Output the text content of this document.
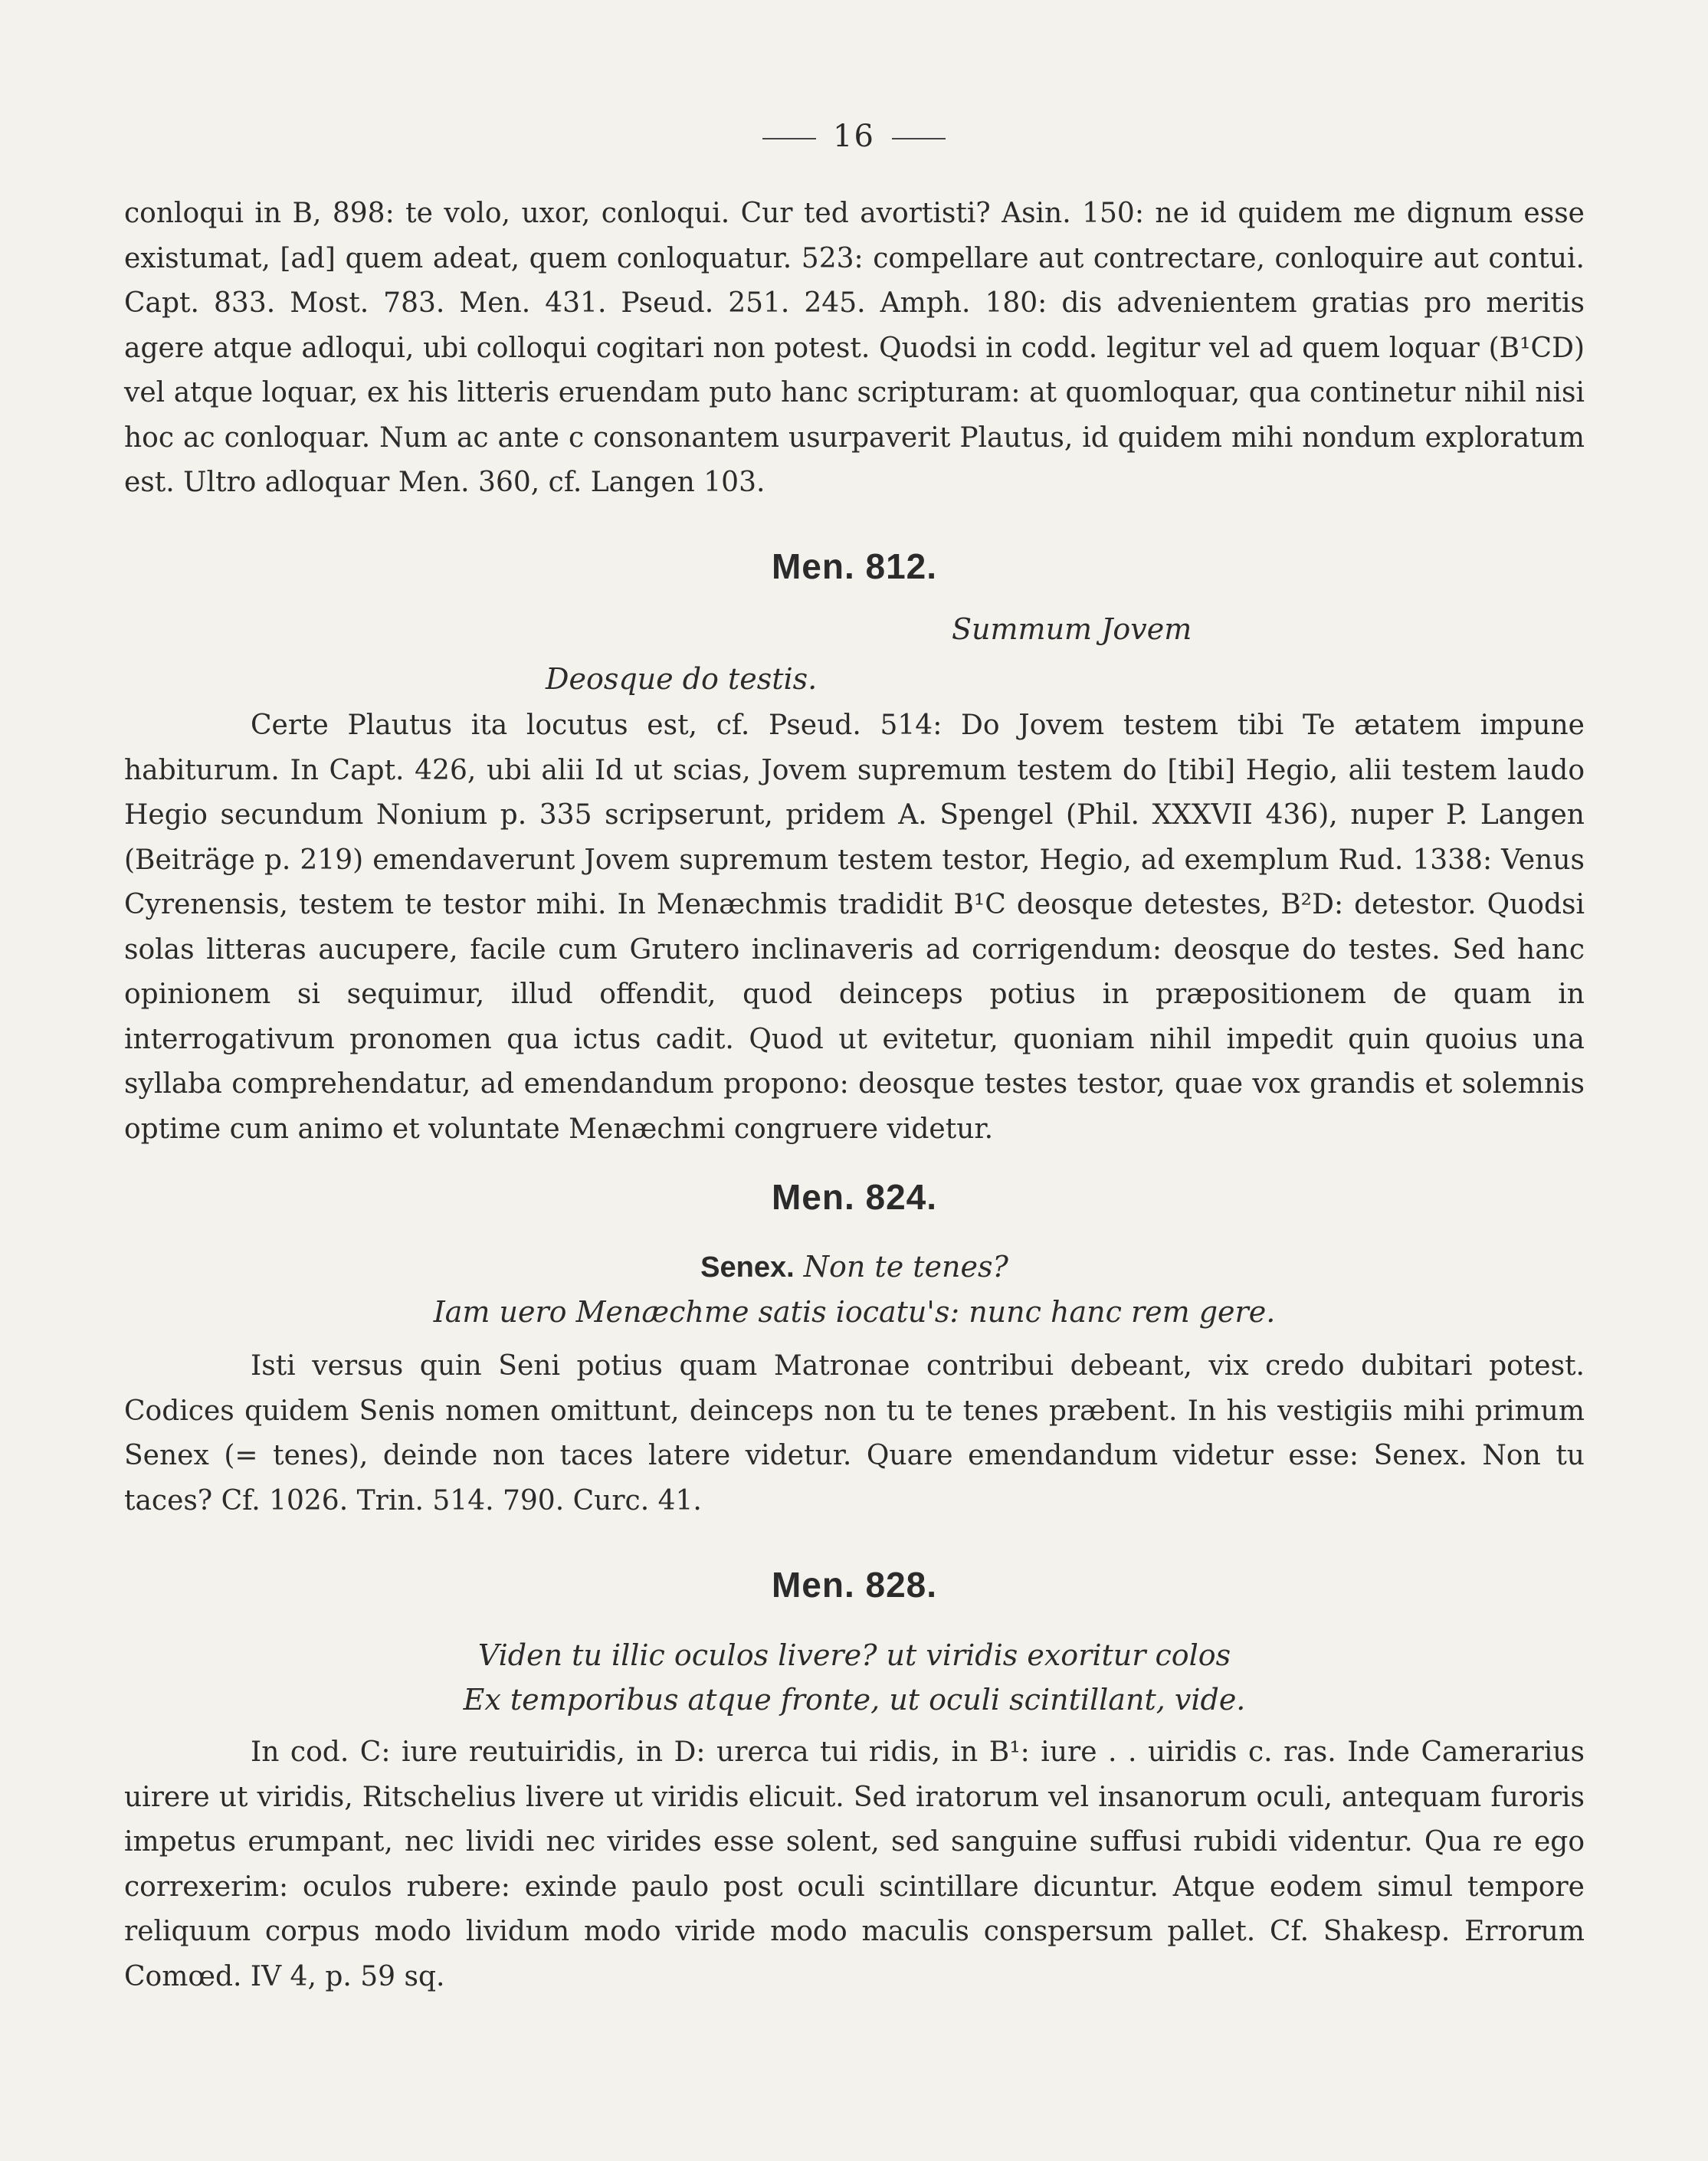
16

conloqui in B, 898: te volo, uxor, conloqui. Cur ted avortisti? Asin. 150: ne id quidem me dignum esse existumat, [ad] quem adeat, quem conloquatur. 523: compellare aut contrectare, conloquire aut contui. Capt. 833. Most. 783. Men. 431. Pseud. 251. 245. Amph. 180: dis advenientem gratias pro meritis agere atque adloqui, ubi colloqui cogitari non potest. Quodsi in codd. legitur vel ad quem loquar (B¹CD) vel atque loquar, ex his litteris eruendam puto hanc scripturam: at quomloquar, qua continetur nihil nisi hoc ac conloquar. Num ac ante c consonantem usurpaverit Plautus, id quidem mihi nondum exploratum est. Ultro adloquar Men. 360, cf. Langen 103.

Men. 812.

Summum Jovem

Deosque do testis.

Certe Plautus ita locutus est, cf. Pseud. 514: Do Jovem testem tibi Te ætatem impune habiturum. In Capt. 426, ubi alii Id ut scias, Jovem supremum testem do [tibi] Hegio, alii testem laudo Hegio secundum Nonium p. 335 scripserunt, pridem A. Spengel (Phil. XXXVII 436), nuper P. Langen (Beiträge p. 219) emendaverunt Jovem supremum testem testor, Hegio, ad exemplum Rud. 1338: Venus Cyrenensis, testem te testor mihi. In Menæchmis tradidit B¹C deosque detestes, B²D: detestor. Quodsi solas litteras aucupere, facile cum Grutero inclinaveris ad corrigendum: deosque do testes. Sed hanc opinionem si sequimur, illud offendit, quod deinceps potius in præpositionem de quam in interrogativum pronomen qua ictus cadit. Quod ut evitetur, quoniam nihil impedit quin quoius una syllaba comprehendatur, ad emendandum propono: deosque testes testor, quae vox grandis et solemnis optime cum animo et voluntate Menæchmi congruere videtur.

Men. 824.

Senex. Non te tenes?

Iam uero Menæchme satis iocatu's: nunc hanc rem gere.

Isti versus quin Seni potius quam Matronae contribui debeant, vix credo dubitari potest. Codices quidem Senis nomen omittunt, deinceps non tu te tenes præbent. In his vestigiis mihi primum Senex (= tenes), deinde non taces latere videtur. Quare emendandum videtur esse: Senex. Non tu taces? Cf. 1026. Trin. 514. 790. Curc. 41.

Men. 828.

Viden tu illic oculos livere? ut viridis exoritur colos

Ex temporibus atque fronte, ut oculi scintillant, vide.

In cod. C: iure reutuiridis, in D: urerca tui ridis, in B¹: iure . . uiridis c. ras. Inde Camerarius uirere ut viridis, Ritschelius livere ut viridis elicuit. Sed iratorum vel insanorum oculi, antequam furoris impetus erumpant, nec lividi nec virides esse solent, sed sanguine suffusi rubidi videntur. Qua re ego correxerim: oculos rubere: exinde paulo post oculi scintillare dicuntur. Atque eodem simul tempore reliquum corpus modo lividum modo viride modo maculis conspersum pallet. Cf. Shakesp. Errorum Comœd. IV 4, p. 59 sq.
